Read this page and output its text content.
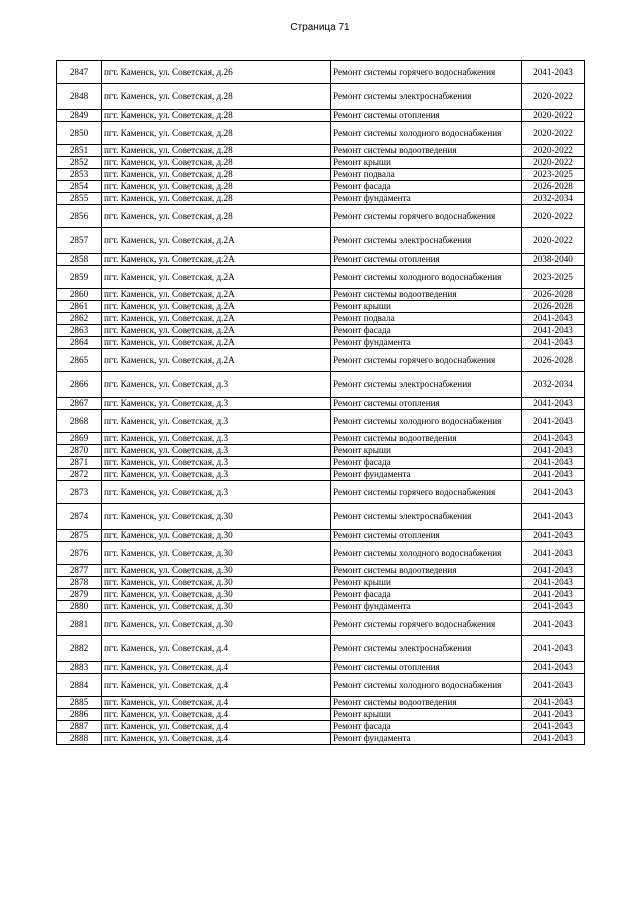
Страница 71
2847	пгт. Каменск, ул. Советская, д.26	Ремонт системы горячего водоснабжения	2041-2043
2848	пгт. Каменск, ул. Советская, д.28	Ремонт системы электроснабжения	2020-2022
2849	пгт. Каменск, ул. Советская, д.28	Ремонт системы отопления	2020-2022
2850	пгт. Каменск, ул. Советская, д.28	Ремонт системы холодного водоснабжения	2020-2022
2851	пгт. Каменск, ул. Советская, д.28	Ремонт системы водоотведения	2020-2022
2852	пгт. Каменск, ул. Советская, д.28	Ремонт крыши	2020-2022
2853	пгт. Каменск, ул. Советская, д.28	Ремонт подвала	2023-2025
2854	пгт. Каменск, ул. Советская, д.28	Ремонт фасада	2026-2028
2855	пгт. Каменск, ул. Советская, д.28	Ремонт фундамента	2032-2034
2856	пгт. Каменск, ул. Советская, д.28	Ремонт системы горячего водоснабжения	2020-2022
2857	пгт. Каменск, ул. Советская, д.2А	Ремонт системы электроснабжения	2020-2022
2858	пгт. Каменск, ул. Советская, д.2А	Ремонт системы отопления	2038-2040
2859	пгт. Каменск, ул. Советская, д.2А	Ремонт системы холодного водоснабжения	2023-2025
2860	пгт. Каменск, ул. Советская, д.2А	Ремонт системы водоотведения	2026-2028
2861	пгт. Каменск, ул. Советская, д.2А	Ремонт крыши	2026-2028
2862	пгт. Каменск, ул. Советская, д.2А	Ремонт подвала	2041-2043
2863	пгт. Каменск, ул. Советская, д.2А	Ремонт фасада	2041-2043
2864	пгт. Каменск, ул. Советская, д.2А	Ремонт фундамента	2041-2043
2865	пгт. Каменск, ул. Советская, д.2А	Ремонт системы горячего водоснабжения	2026-2028
2866	пгт. Каменск, ул. Советская, д.3	Ремонт системы электроснабжения	2032-2034
2867	пгт. Каменск, ул. Советская, д.3	Ремонт системы отопления	2041-2043
2868	пгт. Каменск, ул. Советская, д.3	Ремонт системы холодного водоснабжения	2041-2043
2869	пгт. Каменск, ул. Советская, д.3	Ремонт системы водоотведения	2041-2043
2870	пгт. Каменск, ул. Советская, д.3	Ремонт крыши	2041-2043
2871	пгт. Каменск, ул. Советская, д.3	Ремонт фасада	2041-2043
2872	пгт. Каменск, ул. Советская, д.3	Ремонт фундамента	2041-2043
2873	пгт. Каменск, ул. Советская, д.3	Ремонт системы горячего водоснабжения	2041-2043
2874	пгт. Каменск, ул. Советская, д.30	Ремонт системы электроснабжения	2041-2043
2875	пгт. Каменск, ул. Советская, д.30	Ремонт системы отопления	2041-2043
2876	пгт. Каменск, ул. Советская, д.30	Ремонт системы холодного водоснабжения	2041-2043
2877	пгт. Каменск, ул. Советская, д.30	Ремонт системы водоотведения	2041-2043
2878	пгт. Каменск, ул. Советская, д.30	Ремонт крыши	2041-2043
2879	пгт. Каменск, ул. Советская, д.30	Ремонт фасада	2041-2043
2880	пгт. Каменск, ул. Советская, д.30	Ремонт фундамента	2041-2043
2881	пгт. Каменск, ул. Советская, д.30	Ремонт системы горячего водоснабжения	2041-2043
2882	пгт. Каменск, ул. Советская, д.4	Ремонт системы электроснабжения	2041-2043
2883	пгт. Каменск, ул. Советская, д.4	Ремонт системы отопления	2041-2043
2884	пгт. Каменск, ул. Советская, д.4	Ремонт системы холодного водоснабжения	2041-2043
2885	пгт. Каменск, ул. Советская, д.4	Ремонт системы водоотведения	2041-2043
2886	пгт. Каменск, ул. Советская, д.4	Ремонт крыши	2041-2043
2887	пгт. Каменск, ул. Советская, д.4	Ремонт фасада	2041-2043
2888	пгт. Каменск, ул. Советская, д.4	Ремонт фундамента	2041-2043
